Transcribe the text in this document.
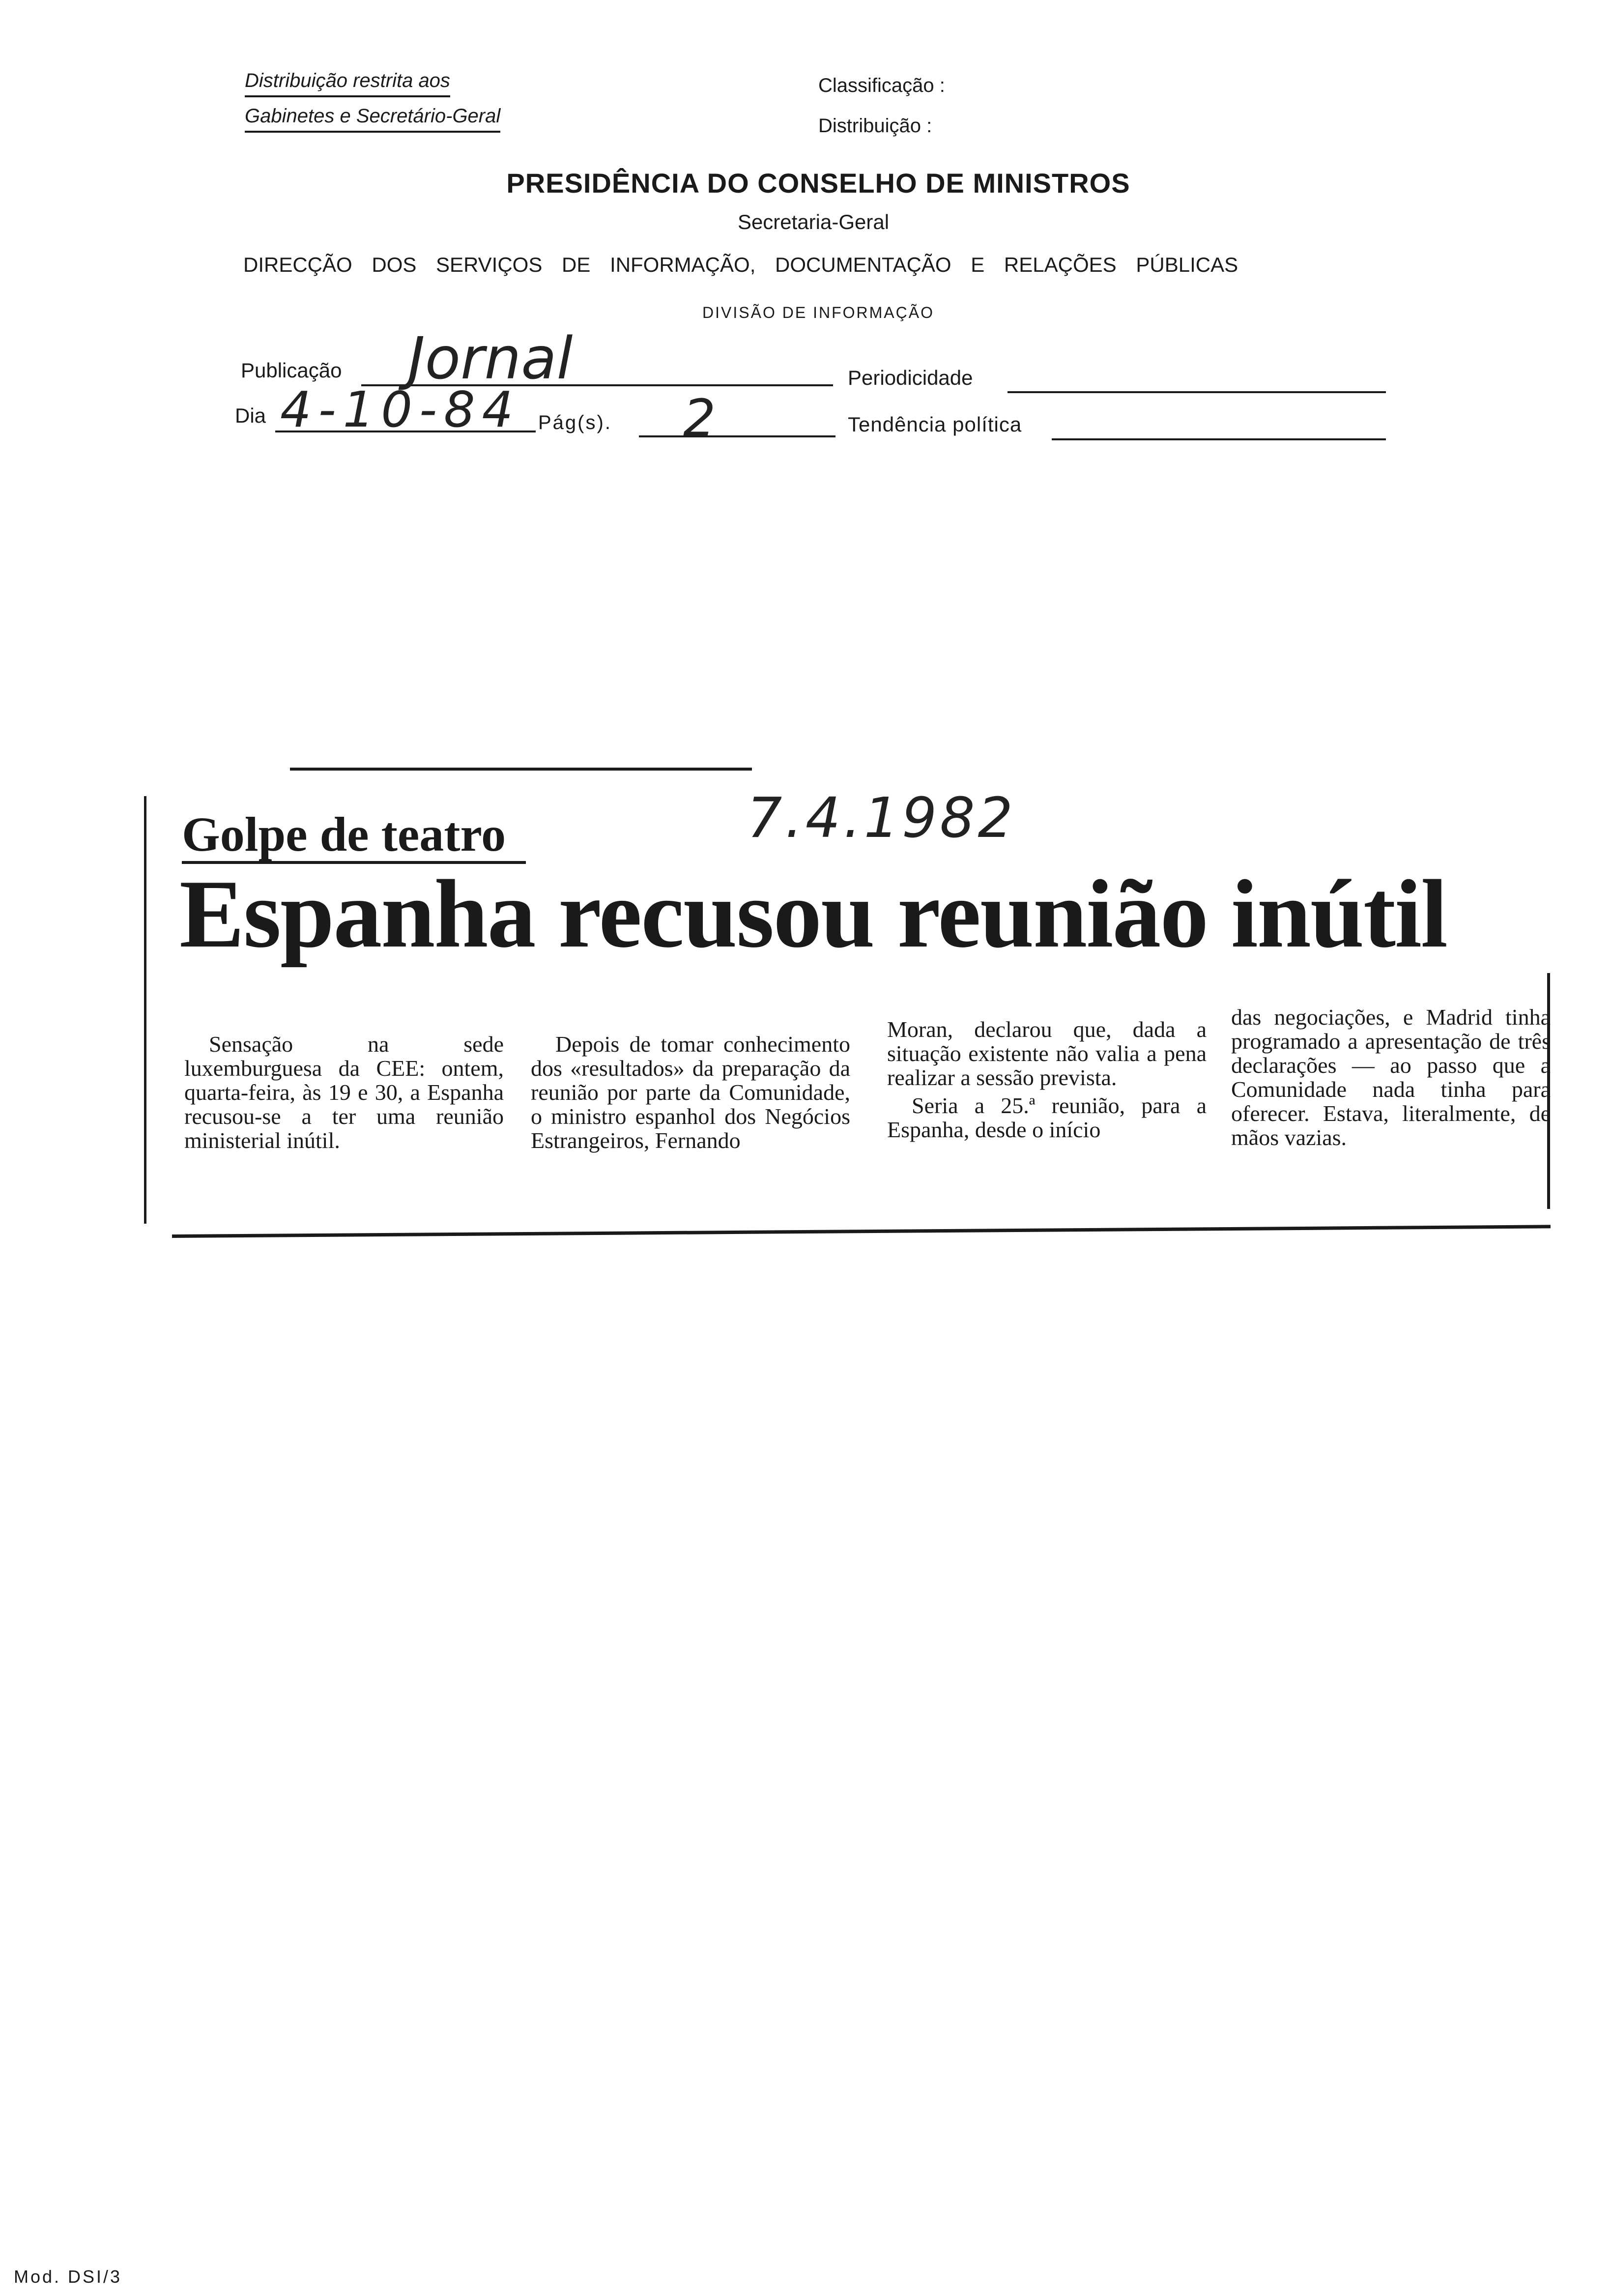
Distribuição restrita aos
Gabinetes e Secretário-Geral
Classificação :
Distribuição :
PRESIDÊNCIA DO CONSELHO DE MINISTROS
Secretaria-Geral
DIRECÇÃO DOS SERVIÇOS DE INFORMAÇÃO, DOCUMENTAÇÃO E RELAÇÕES PÚBLICAS
DIVISÃO DE INFORMAÇÃO
Publicação Jornal	Periodicidade
Dia 4-10-84 Pág(s). 2	Tendência política
Golpe de teatro	7.4.1982
Espanha recusou reunião inútil

Sensação na sede luxemburguesa da CEE: ontem, quarta-feira, às 19 e 30, a Espanha recusou-se a ter uma reunião ministerial inútil.

Depois de tomar conhecimento dos «resultados» da preparação da reunião por parte da Comunidade, o ministro espanhol dos Negócios Estrangeiros, Fernando

Moran, declarou que, dada a situação existente não valia a pena realizar a sessão prevista.

Seria a 25.ª reunião, para a Espanha, desde o início

das negociações, e Madrid tinha programado a apresentação de três declarações — ao passo que a Comunidade nada tinha para oferecer. Estava, literalmente, de mãos vazias.

Mod. DSI/3
